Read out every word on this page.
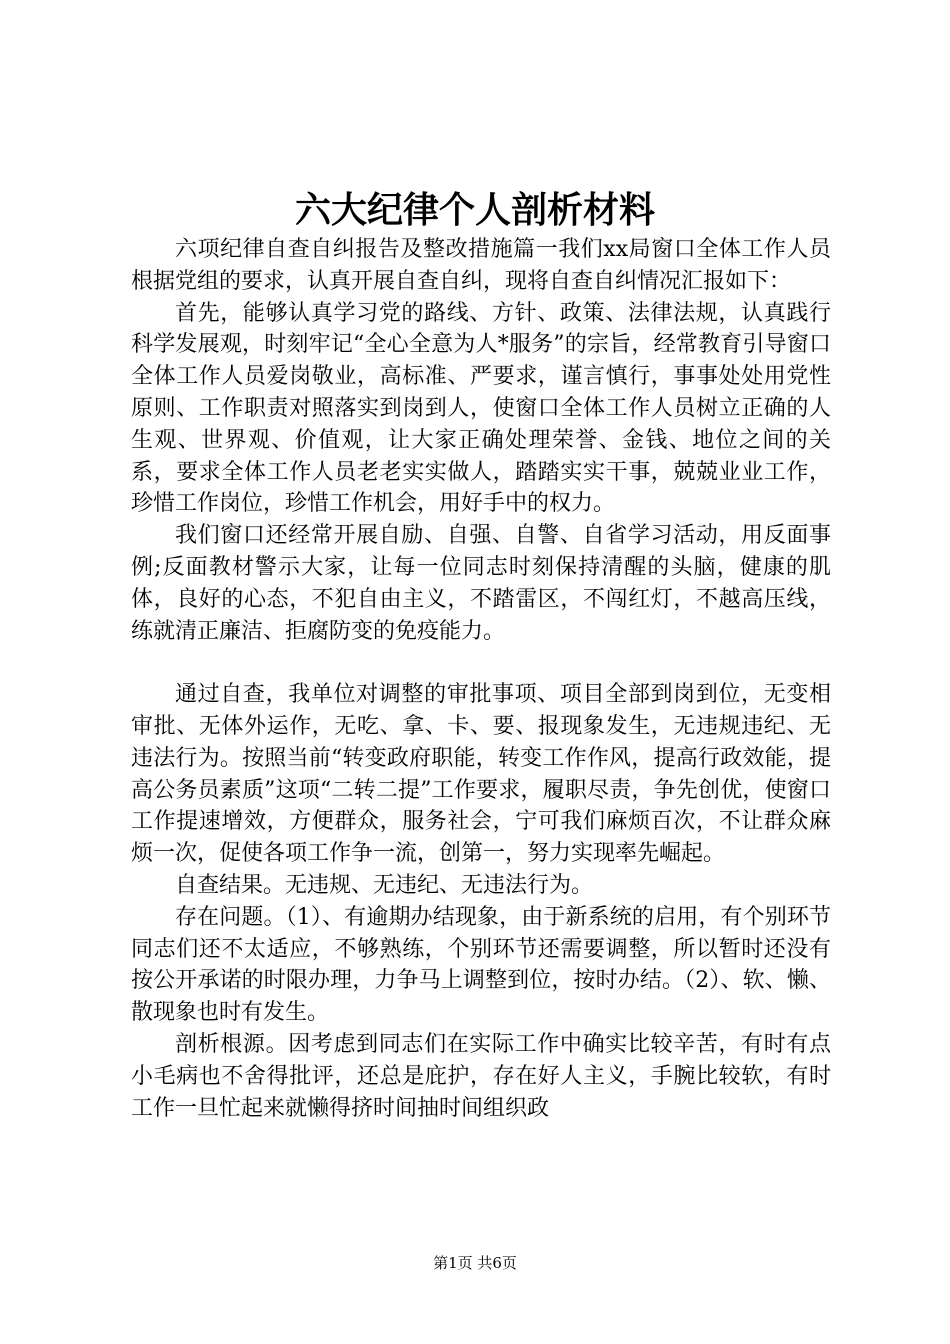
六大纪律个人剖析材料

六项纪律自查自纠报告及整改措施篇一我们xx局窗口全体工作人员根据党组的要求，认真开展自查自纠，现将自查自纠情况汇报如下：

首先，能够认真学习党的路线、方针、政策、法律法规，认真践行科学发展观，时刻牢记“全心全意为人*服务”的宗旨，经常教育引导窗口全体工作人员爱岗敬业，高标准、严要求，谨言慎行，事事处处用党性原则、工作职责对照落实到岗到人，使窗口全体工作人员树立正确的人生观、世界观、价值观，让大家正确处理荣誉、金钱、地位之间的关系，要求全体工作人员老老实实做人，踏踏实实干事，兢兢业业工作，珍惜工作岗位，珍惜工作机会，用好手中的权力。

我们窗口还经常开展自励、自强、自警、自省学习活动，用反面事例;反面教材警示大家，让每一位同志时刻保持清醒的头脑，健康的肌体，良好的心态，不犯自由主义，不踏雷区，不闯红灯，不越高压线，练就清正廉洁、拒腐防变的免疫能力。

通过自查，我单位对调整的审批事项、项目全部到岗到位，无变相审批、无体外运作，无吃、拿、卡、要、报现象发生，无违规违纪、无违法行为。按照当前“转变政府职能，转变工作作风，提高行政效能，提高公务员素质”这项“二转二提”工作要求，履职尽责，争先创优，使窗口工作提速增效，方便群众，服务社会，宁可我们麻烦百次，不让群众麻烦一次，促使各项工作争一流，创第一，努力实现率先崛起。

自查结果。无违规、无违纪、无违法行为。

存在问题。（1）、有逾期办结现象，由于新系统的启用，有个别环节同志们还不太适应，不够熟练，个别环节还需要调整，所以暂时还没有按公开承诺的时限办理，力争马上调整到位，按时办结。（2）、软、懒、散现象也时有发生。

剖析根源。因考虑到同志们在实际工作中确实比较辛苦，有时有点小毛病也不舍得批评，还总是庇护，存在好人主义，手腕比较软，有时工作一旦忙起来就懒得挤时间抽时间组织政

第1页 共6页
